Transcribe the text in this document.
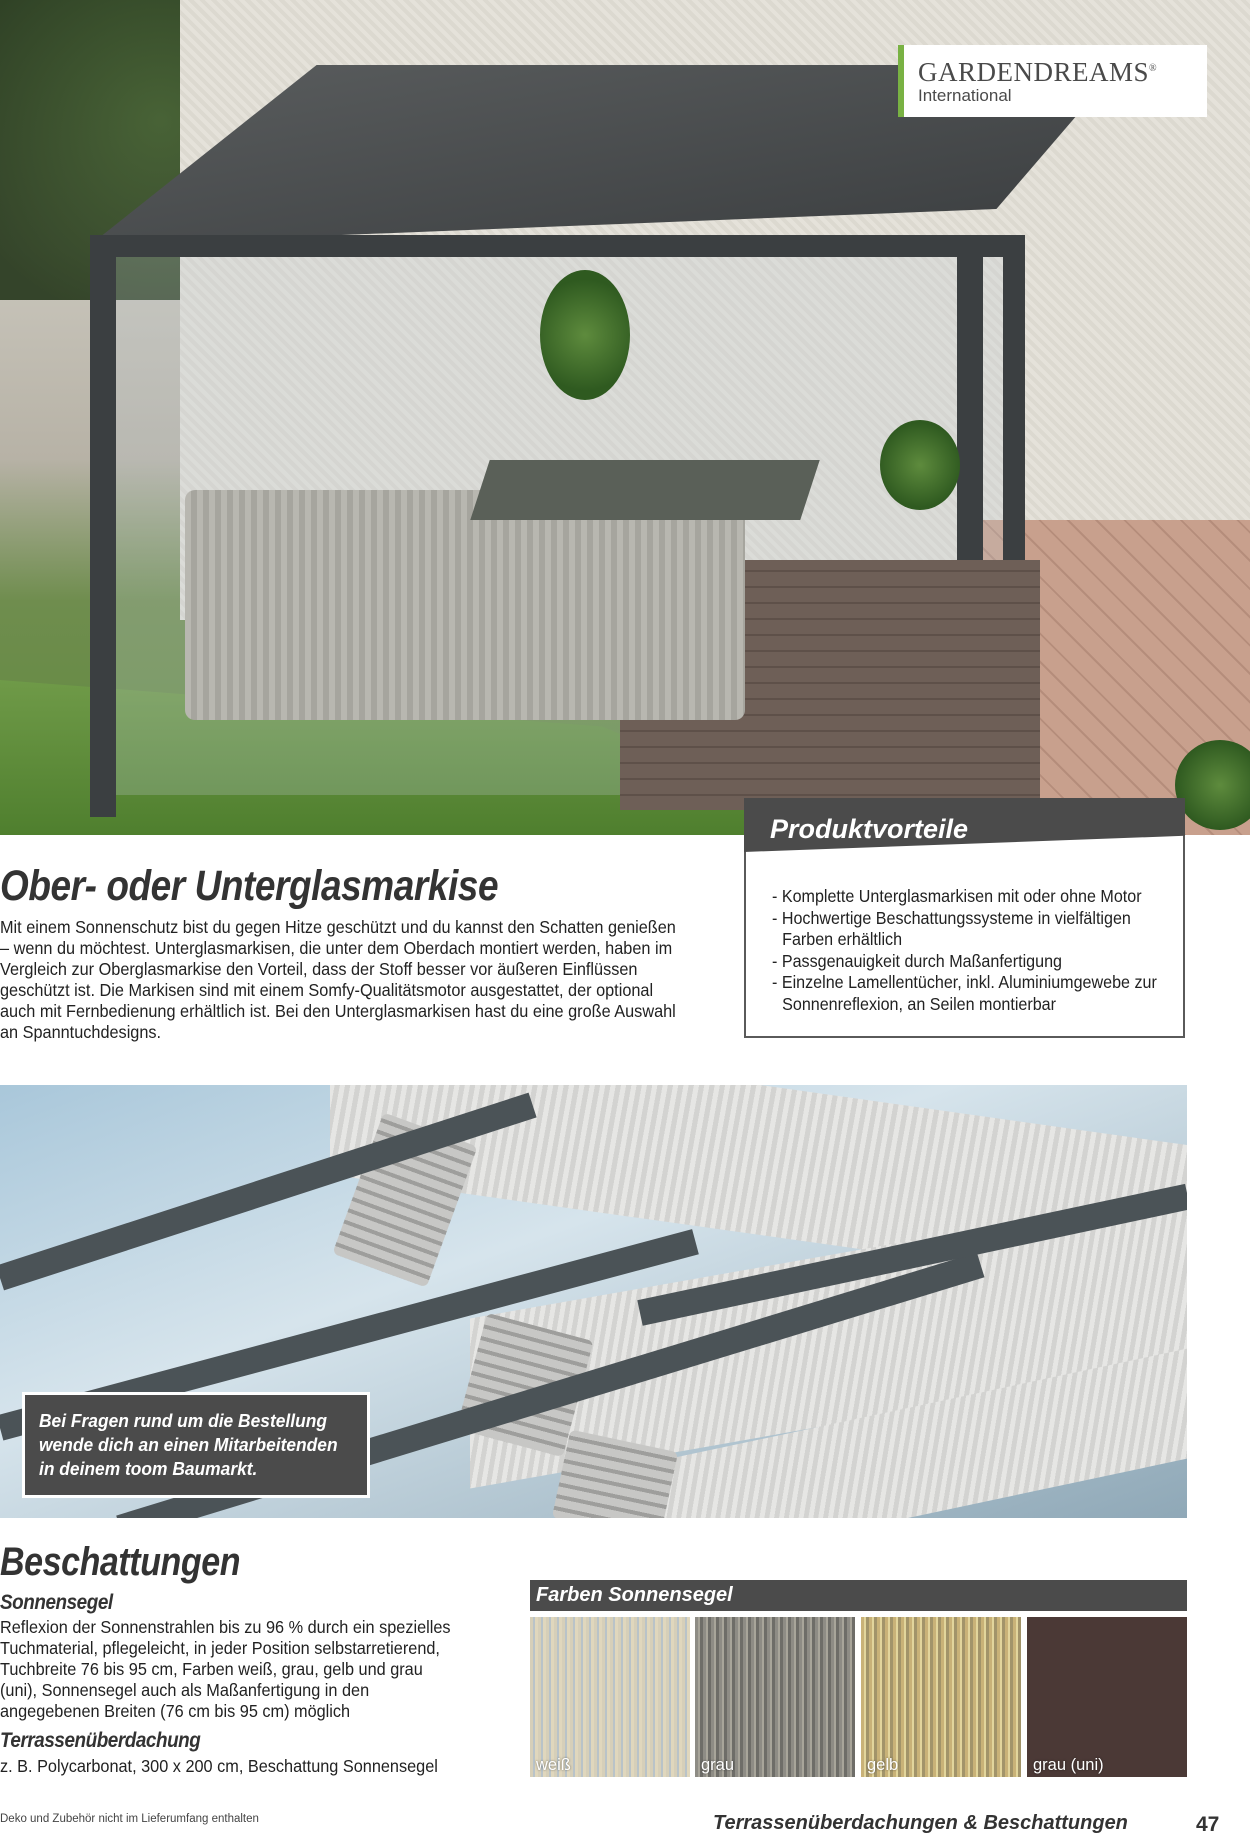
GARDENDREAMS®
International
Produktvorteile
- Komplette Unterglasmarkisen mit oder ohne Motor
- Hochwertige Beschattungssysteme in vielfältigen Farben erhältlich
- Passgenauigkeit durch Maßanfertigung
- Einzelne Lamellentücher, inkl. Aluminiumgewebe zur Sonnenreflexion, an Seilen montierbar
Ober- oder Unterglasmarkise
Mit einem Sonnenschutz bist du gegen Hitze geschützt und du kannst den Schatten genießen – wenn du möchtest. Unterglasmarkisen, die unter dem Oberdach montiert werden, haben im Vergleich zur Oberglasmarkise den Vorteil, dass der Stoff besser vor äußeren Einflüssen geschützt ist. Die Markisen sind mit einem Somfy-Qualitätsmotor ausgestattet, der optional auch mit Fernbedienung erhältlich ist. Bei den Unterglasmarkisen hast du eine große Auswahl an Spanntuchdesigns.
Bei Fragen rund um die Bestellung wende dich an einen Mitarbeitenden in deinem toom Baumarkt.
Beschattungen
Sonnensegel
Reflexion der Sonnenstrahlen bis zu 96 % durch ein spezielles Tuchmaterial, pflegeleicht, in jeder Position selbstarretierend, Tuchbreite 76 bis 95 cm, Farben weiß, grau, gelb und grau (uni), Sonnensegel auch als Maßanfertigung in den angegebenen Breiten (76 cm bis 95 cm) möglich
Terrassenüberdachung
z. B. Polycarbonat, 300 x 200 cm, Beschattung Sonnensegel
Farben Sonnensegel
weiß	grau	gelb	grau (uni)
Deko und Zubehör nicht im Lieferumfang enthalten	Terrassenüberdachungen & Beschattungen	47
